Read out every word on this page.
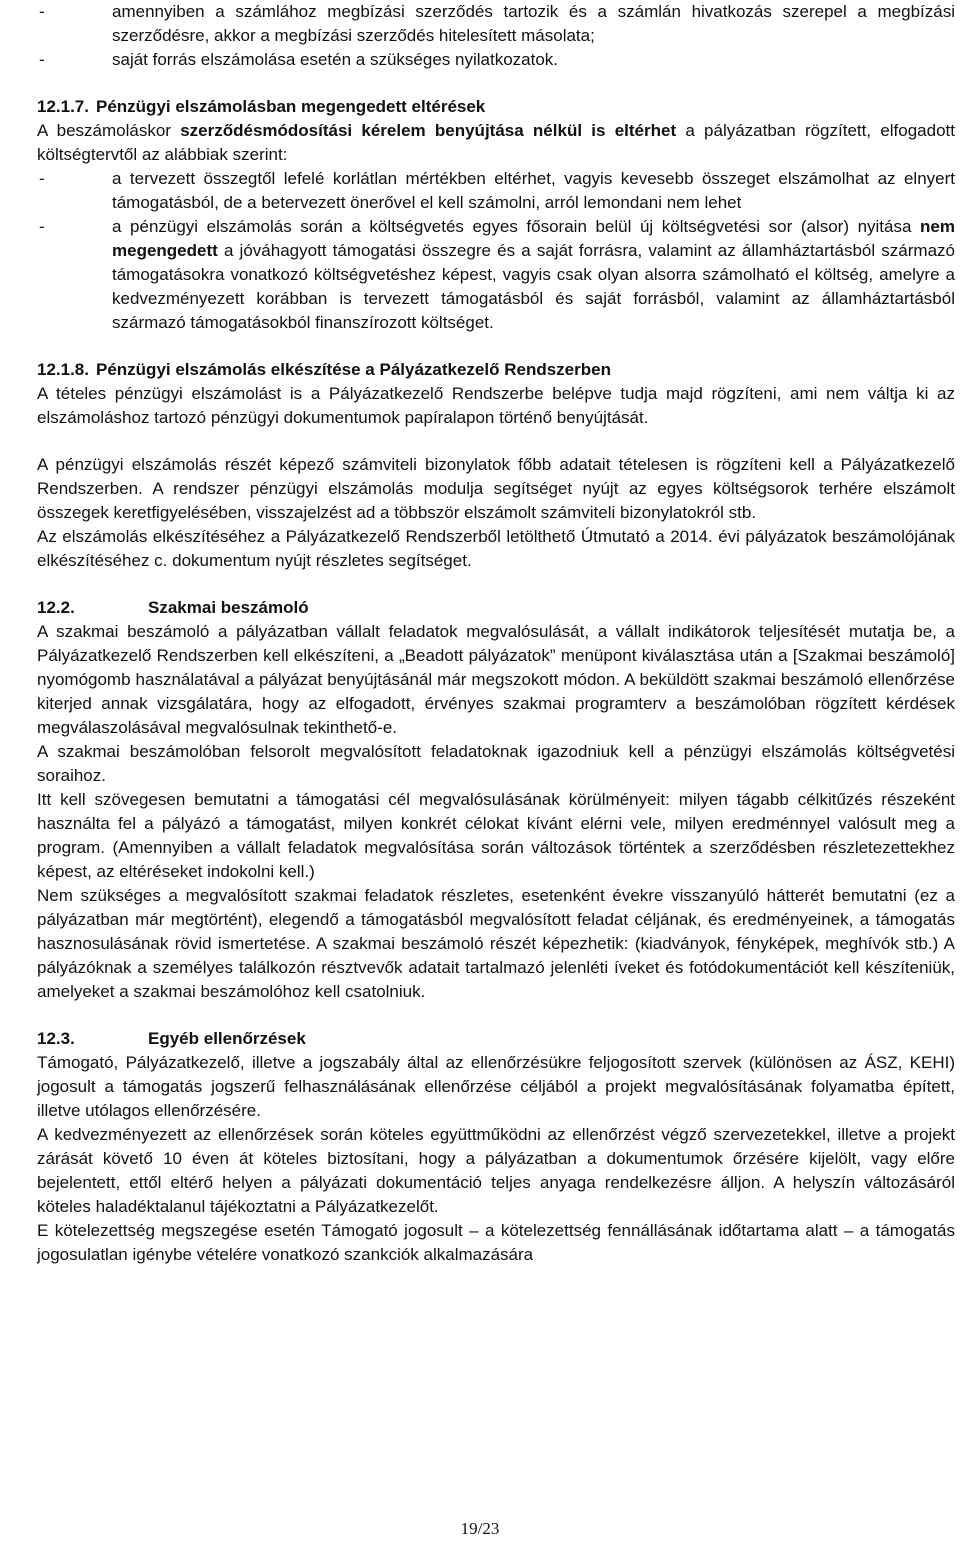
-	amennyiben a számlához megbízási szerződés tartozik és a számlán hivatkozás szerepel a megbízási szerződésre, akkor a megbízási szerződés hitelesített másolata;
-	saját forrás elszámolása esetén a szükséges nyilatkozatok.
12.1.7. Pénzügyi elszámolásban megengedett eltérések

A beszámoláskor szerződésmódosítási kérelem benyújtása nélkül is eltérhet a pályázatban rögzített, elfogadott költségtervtől az alábbiak szerint:

-	a tervezett összegtől lefelé korlátlan mértékben eltérhet, vagyis kevesebb összeget elszámolhat az elnyert támogatásból, de a betervezett önerővel el kell számolni, arról lemondani nem lehet
-	a pénzügyi elszámolás során a költségvetés egyes fősorain belül új költségvetési sor (alsor) nyitása nem megengedett a jóváhagyott támogatási összegre és a saját forrásra, valamint az államháztartásból származó támogatásokra vonatkozó költségvetéshez képest, vagyis csak olyan alsorra számolható el költség, amelyre a kedvezményezett korábban is tervezett támogatásból és saját forrásból, valamint az államháztartásból származó támogatásokból finanszírozott költséget.
12.1.8. Pénzügyi elszámolás elkészítése a Pályázatkezelő Rendszerben

A tételes pénzügyi elszámolást is a Pályázatkezelő Rendszerbe belépve tudja majd rögzíteni, ami nem váltja ki az elszámoláshoz tartozó pénzügyi dokumentumok papíralapon történő benyújtását.

A pénzügyi elszámolás részét képező számviteli bizonylatok főbb adatait tételesen is rögzíteni kell a Pályázatkezelő Rendszerben. A rendszer pénzügyi elszámolás modulja segítséget nyújt az egyes költségsorok terhére elszámolt összegek keretfigyelésében, visszajelzést ad a többször elszámolt számviteli bizonylatokról stb.

Az elszámolás elkészítéséhez a Pályázatkezelő Rendszerből letölthető Útmutató a 2014. évi pályázatok beszámolójának elkészítéséhez c. dokumentum nyújt részletes segítséget.

12.2.	Szakmai beszámoló

A szakmai beszámoló a pályázatban vállalt feladatok megvalósulását, a vállalt indikátorok teljesítését mutatja be, a Pályázatkezelő Rendszerben kell elkészíteni, a „Beadott pályázatok” menüpont kiválasztása után a [Szakmai beszámoló] nyomógomb használatával a pályázat benyújtásánál már megszokott módon. A beküldött szakmai beszámoló ellenőrzése kiterjed annak vizsgálatára, hogy az elfogadott, érvényes szakmai programterv a beszámolóban rögzített kérdések megválaszolásával megvalósulnak tekinthető-e.

A szakmai beszámolóban felsorolt megvalósított feladatoknak igazodniuk kell a pénzügyi elszámolás költségvetési soraihoz.

Itt kell szövegesen bemutatni a támogatási cél megvalósulásának körülményeit: milyen tágabb célkitűzés részeként használta fel a pályázó a támogatást, milyen konkrét célokat kívánt elérni vele, milyen eredménnyel valósult meg a program. (Amennyiben a vállalt feladatok megvalósítása során változások történtek a szerződésben részletezettekhez képest, az eltéréseket indokolni kell.)

Nem szükséges a megvalósított szakmai feladatok részletes, esetenként évekre visszanyúló hátterét bemutatni (ez a pályázatban már megtörtént), elegendő a támogatásból megvalósított feladat céljának, és eredményeinek, a támogatás hasznosulásának rövid ismertetése. A szakmai beszámoló részét képezhetik: (kiadványok, fényképek, meghívók stb.) A pályázóknak a személyes találkozón résztvevők adatait tartalmazó jelenléti íveket és fotódokumentációt kell készíteniük, amelyeket a szakmai beszámolóhoz kell csatolniuk.

12.3.	Egyéb ellenőrzések

Támogató, Pályázatkezelő, illetve a jogszabály által az ellenőrzésükre feljogosított szervek (különösen az ÁSZ, KEHI) jogosult a támogatás jogszerű felhasználásának ellenőrzése céljából a projekt megvalósításának folyamatba épített, illetve utólagos ellenőrzésére.

A kedvezményezett az ellenőrzések során köteles együttműködni az ellenőrzést végző szervezetekkel, illetve a projekt zárását követő 10 éven át köteles biztosítani, hogy a pályázatban a dokumentumok őrzésére kijelölt, vagy előre bejelentett, ettől eltérő helyen a pályázati dokumentáció teljes anyaga rendelkezésre álljon. A helyszín változásáról köteles haladéktalanul tájékoztatni a Pályázatkezelőt.

E kötelezettség megszegése esetén Támogató jogosult – a kötelezettség fennállásának időtartama alatt – a támogatás jogosulatlan igénybe vételére vonatkozó szankciók alkalmazására

19/23
